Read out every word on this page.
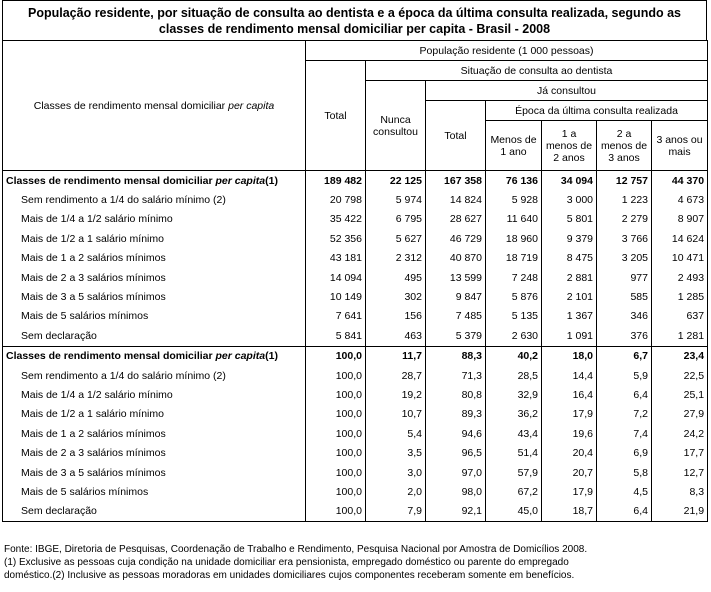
População residente, por situação de consulta ao dentista e a época da última consulta realizada, segundo as
classes de rendimento mensal domiciliar per capita - Brasil - 2008
Classes de rendimento mensal domiciliar per capita	População residente (1 000 pessoas)						
	Total	Situação de consulta ao dentista					
		Nunca consultou	Já consultou				
			Total	Época da última consulta realizada			
				Menos de 1 ano	1 a menos de 2 anos	2 a menos de 3 anos	3 anos ou mais
Classes de rendimento mensal domiciliar per capita(1)	189 482	22 125	167 358	76 136	34 094	12 757	44 370
Sem rendimento a 1/4 do salário mínimo (2)	20 798	5 974	14 824	5 928	3 000	1 223	4 673
Mais de 1/4 a 1/2 salário mínimo	35 422	6 795	28 627	11 640	5 801	2 279	8 907
Mais de 1/2 a 1 salário mínimo	52 356	5 627	46 729	18 960	9 379	3 766	14 624
Mais de 1 a 2 salários mínimos	43 181	2 312	40 870	18 719	8 475	3 205	10 471
Mais de 2 a 3 salários mínimos	14 094	495	13 599	7 248	2 881	977	2 493
Mais de 3 a 5 salários mínimos	10 149	302	9 847	5 876	2 101	585	1 285
Mais de 5 salários mínimos	7 641	156	7 485	5 135	1 367	346	637
Sem declaração	5 841	463	5 379	2 630	1 091	376	1 281
Classes de rendimento mensal domiciliar per capita(1)	100,0	11,7	88,3	40,2	18,0	6,7	23,4
Sem rendimento a 1/4 do salário mínimo (2)	100,0	28,7	71,3	28,5	14,4	5,9	22,5
Mais de 1/4 a 1/2 salário mínimo	100,0	19,2	80,8	32,9	16,4	6,4	25,1
Mais de 1/2 a 1 salário mínimo	100,0	10,7	89,3	36,2	17,9	7,2	27,9
Mais de 1 a 2 salários mínimos	100,0	5,4	94,6	43,4	19,6	7,4	24,2
Mais de 2 a 3 salários mínimos	100,0	3,5	96,5	51,4	20,4	6,9	17,7
Mais de 3 a 5 salários mínimos	100,0	3,0	97,0	57,9	20,7	5,8	12,7
Mais de 5 salários mínimos	100,0	2,0	98,0	67,2	17,9	4,5	8,3
Sem declaração	100,0	7,9	92,1	45,0	18,7	6,4	21,9
Fonte: IBGE, Diretoria de Pesquisas, Coordenação de Trabalho e Rendimento, Pesquisa Nacional por Amostra de Domicílios 2008.
(1) Exclusive as pessoas cuja condição na unidade domiciliar era pensionista, empregado doméstico ou parente do empregado
doméstico.(2) Inclusive as pessoas moradoras em unidades domiciliares cujos componentes receberam somente em benefícios.
